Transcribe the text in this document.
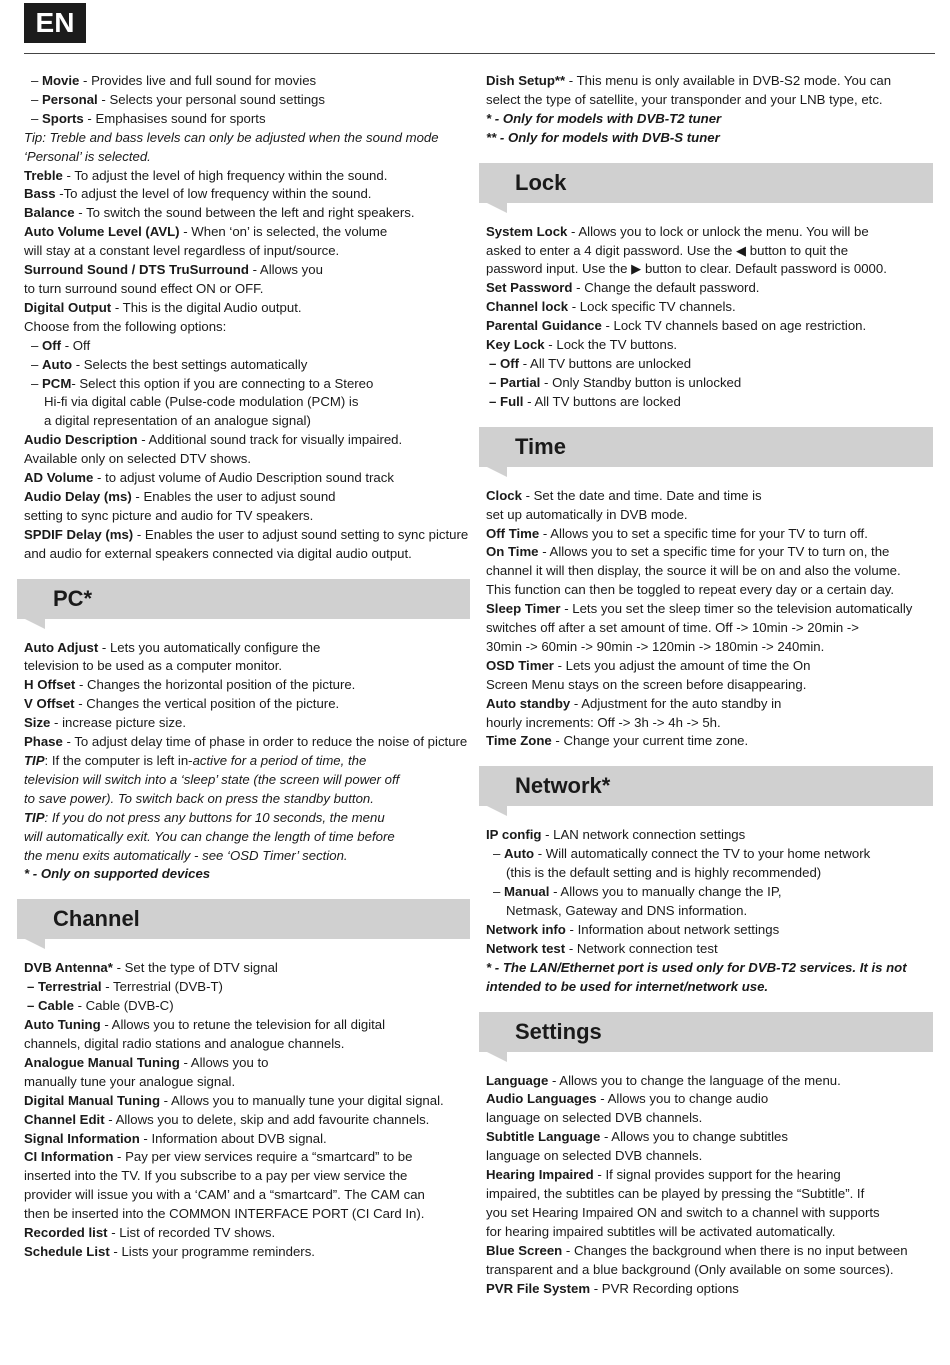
EN
– Movie - Provides live and full sound for movies
– Personal - Selects your personal sound settings
– Sports - Emphasises sound for sports
Tip: Treble and bass levels can only be adjusted when the sound mode
‘Personal’ is selected.
Treble - To adjust the level of high frequency within the sound.
Bass -To adjust the level of low frequency within the sound.
Balance - To switch the sound between the left and right speakers.
Auto Volume Level (AVL) - When ‘on’ is selected, the volume
will stay at a constant level regardless of input/source.
Surround Sound / DTS TruSurround - Allows you
to turn surround sound effect ON or OFF.
Digital Output - This is the digital Audio output.
Choose from the following options:
– Off - Off
– Auto - Selects the best settings automatically
– PCM- Select this option if you are connecting to a Stereo
Hi-fi via digital cable (Pulse-code modulation (PCM) is
a digital representation of an analogue signal)
Audio Description - Additional sound track for visually impaired.
Available only on selected DTV shows.
AD Volume - to adjust volume of Audio Description sound track
Audio Delay (ms) - Enables the user to adjust sound
setting to sync picture and audio for TV speakers.
SPDIF Delay (ms) - Enables the user to adjust sound setting to sync picture
and audio for external speakers connected via digital audio output.
PC*
Auto Adjust - Lets you automatically configure the
television to be used as a computer monitor.
H Offset - Changes the horizontal position of the picture.
V Offset - Changes the vertical position of the picture.
Size - increase picture size.
Phase - To adjust delay time of phase in order to reduce the noise of picture
TIP: If the computer is left in-active for a period of time, the
television will switch into a ‘sleep’ state (the screen will power off
to save power). To switch back on press the standby button.
TIP: If you do not press any buttons for 10 seconds, the menu
will automatically exit. You can change the length of time before
the menu exits automatically - see ‘OSD Timer’ section.
* - Only on supported devices
Channel
DVB Antenna* - Set the type of DTV signal
– Terrestrial - Terrestrial (DVB-T)
– Cable - Cable (DVB-C)
Auto Tuning - Allows you to retune the television for all digital
channels, digital radio stations and analogue channels.
Analogue Manual Tuning - Allows you to
manually tune your analogue signal.
Digital Manual Tuning - Allows you to manually tune your digital signal.
Channel Edit - Allows you to delete, skip and add favourite channels.
Signal Information - Information about DVB signal.
CI Information - Pay per view services require a “smartcard” to be
inserted into the TV. If you subscribe to a pay per view service the
provider will issue you with a ‘CAM’ and a “smartcard”. The CAM can
then be inserted into the COMMON INTERFACE PORT (CI Card In).
Recorded list - List of recorded TV shows.
Schedule List - Lists your programme reminders.
Dish Setup** - This menu is only available in DVB-S2 mode. You can
select the type of satellite, your transponder and your LNB type, etc.
* - Only for models with DVB-T2 tuner
** - Only for models with DVB-S tuner
Lock
System Lock - Allows you to lock or unlock the menu. You will be
asked to enter a 4 digit password. Use the ◀ button to quit the
password input. Use the ▶ button to clear. Default password is 0000.
Set Password - Change the default password.
Channel lock - Lock specific TV channels.
Parental Guidance - Lock TV channels based on age restriction.
Key Lock - Lock the TV buttons.
– Off - All TV buttons are unlocked
– Partial - Only Standby button is unlocked
– Full - All TV buttons are locked
Time
Clock - Set the date and time. Date and time is
set up automatically in DVB mode.
Off Time - Allows you to set a specific time for your TV to turn off.
On Time - Allows you to set a specific time for your TV to turn on, the
channel it will then display, the source it will be on and also the volume.
This function can then be toggled to repeat every day or a certain day.
Sleep Timer - Lets you set the sleep timer so the television automatically
switches off after a set amount of time. Off -> 10min -> 20min ->
30min -> 60min -> 90min -> 120min -> 180min -> 240min.
OSD Timer - Lets you adjust the amount of time the On
Screen Menu stays on the screen before disappearing.
Auto standby - Adjustment for the auto standby in
hourly increments: Off -> 3h -> 4h -> 5h.
Time Zone - Change your current time zone.
Network*
IP config - LAN network connection settings
– Auto - Will automatically connect the TV to your home network
(this is the default setting and is highly recommended)
– Manual - Allows you to manually change the IP,
Netmask, Gateway and DNS information.
Network info - Information about network settings
Network test - Network connection test
* - The LAN/Ethernet port is used only for DVB-T2 services. It is not
intended to be used for internet/network use.
Settings
Language - Allows you to change the language of the menu.
Audio Languages - Allows you to change audio
language on selected DVB channels.
Subtitle Language - Allows you to change subtitles
language on selected DVB channels.
Hearing Impaired - If signal provides support for the hearing
impaired, the subtitles can be played by pressing the “Subtitle”. If
you set Hearing Impaired ON and switch to a channel with supports
for hearing impaired subtitles will be activated automatically.
Blue Screen - Changes the background when there is no input between
transparent and a blue background (Only available on some sources).
PVR File System - PVR Recording options
